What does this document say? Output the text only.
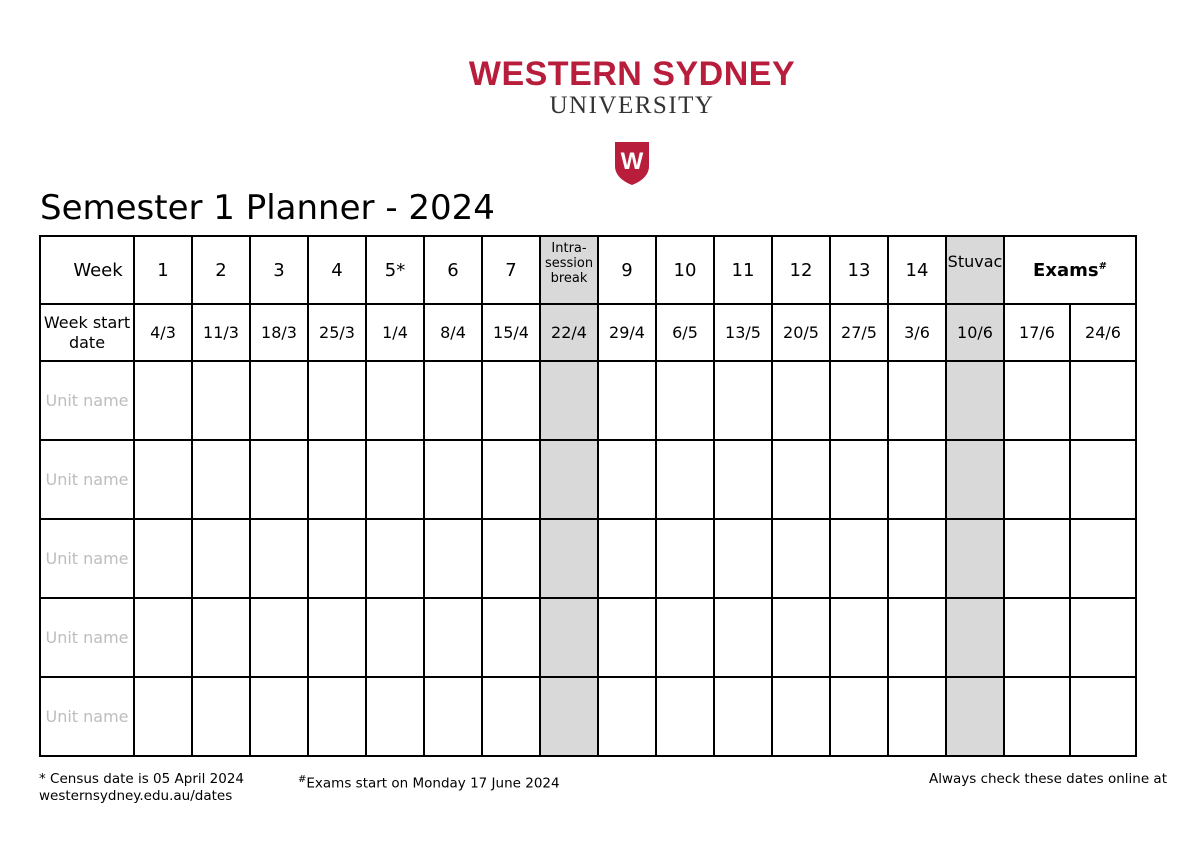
WESTERN SYDNEY
UNIVERSITY
W
Semester 1 Planner - 2024
Week	1	2	3	4	5*	6	7	Intra-session break	9	10	11	12	13	14	Stuvac	Exams#

Week start date	4/3	11/3	18/3	25/3	1/4	8/4	15/4	22/4	29/4	6/5	13/5	20/5	27/5	3/6	10/6	17/6	24/6
Unit name																	
Unit name																	
Unit name																	
Unit name																	
Unit name																	
* Census date is 05 April 2024
westernsydney.edu.au/dates
#Exams start on Monday 17 June 2024	Always check these dates online at
